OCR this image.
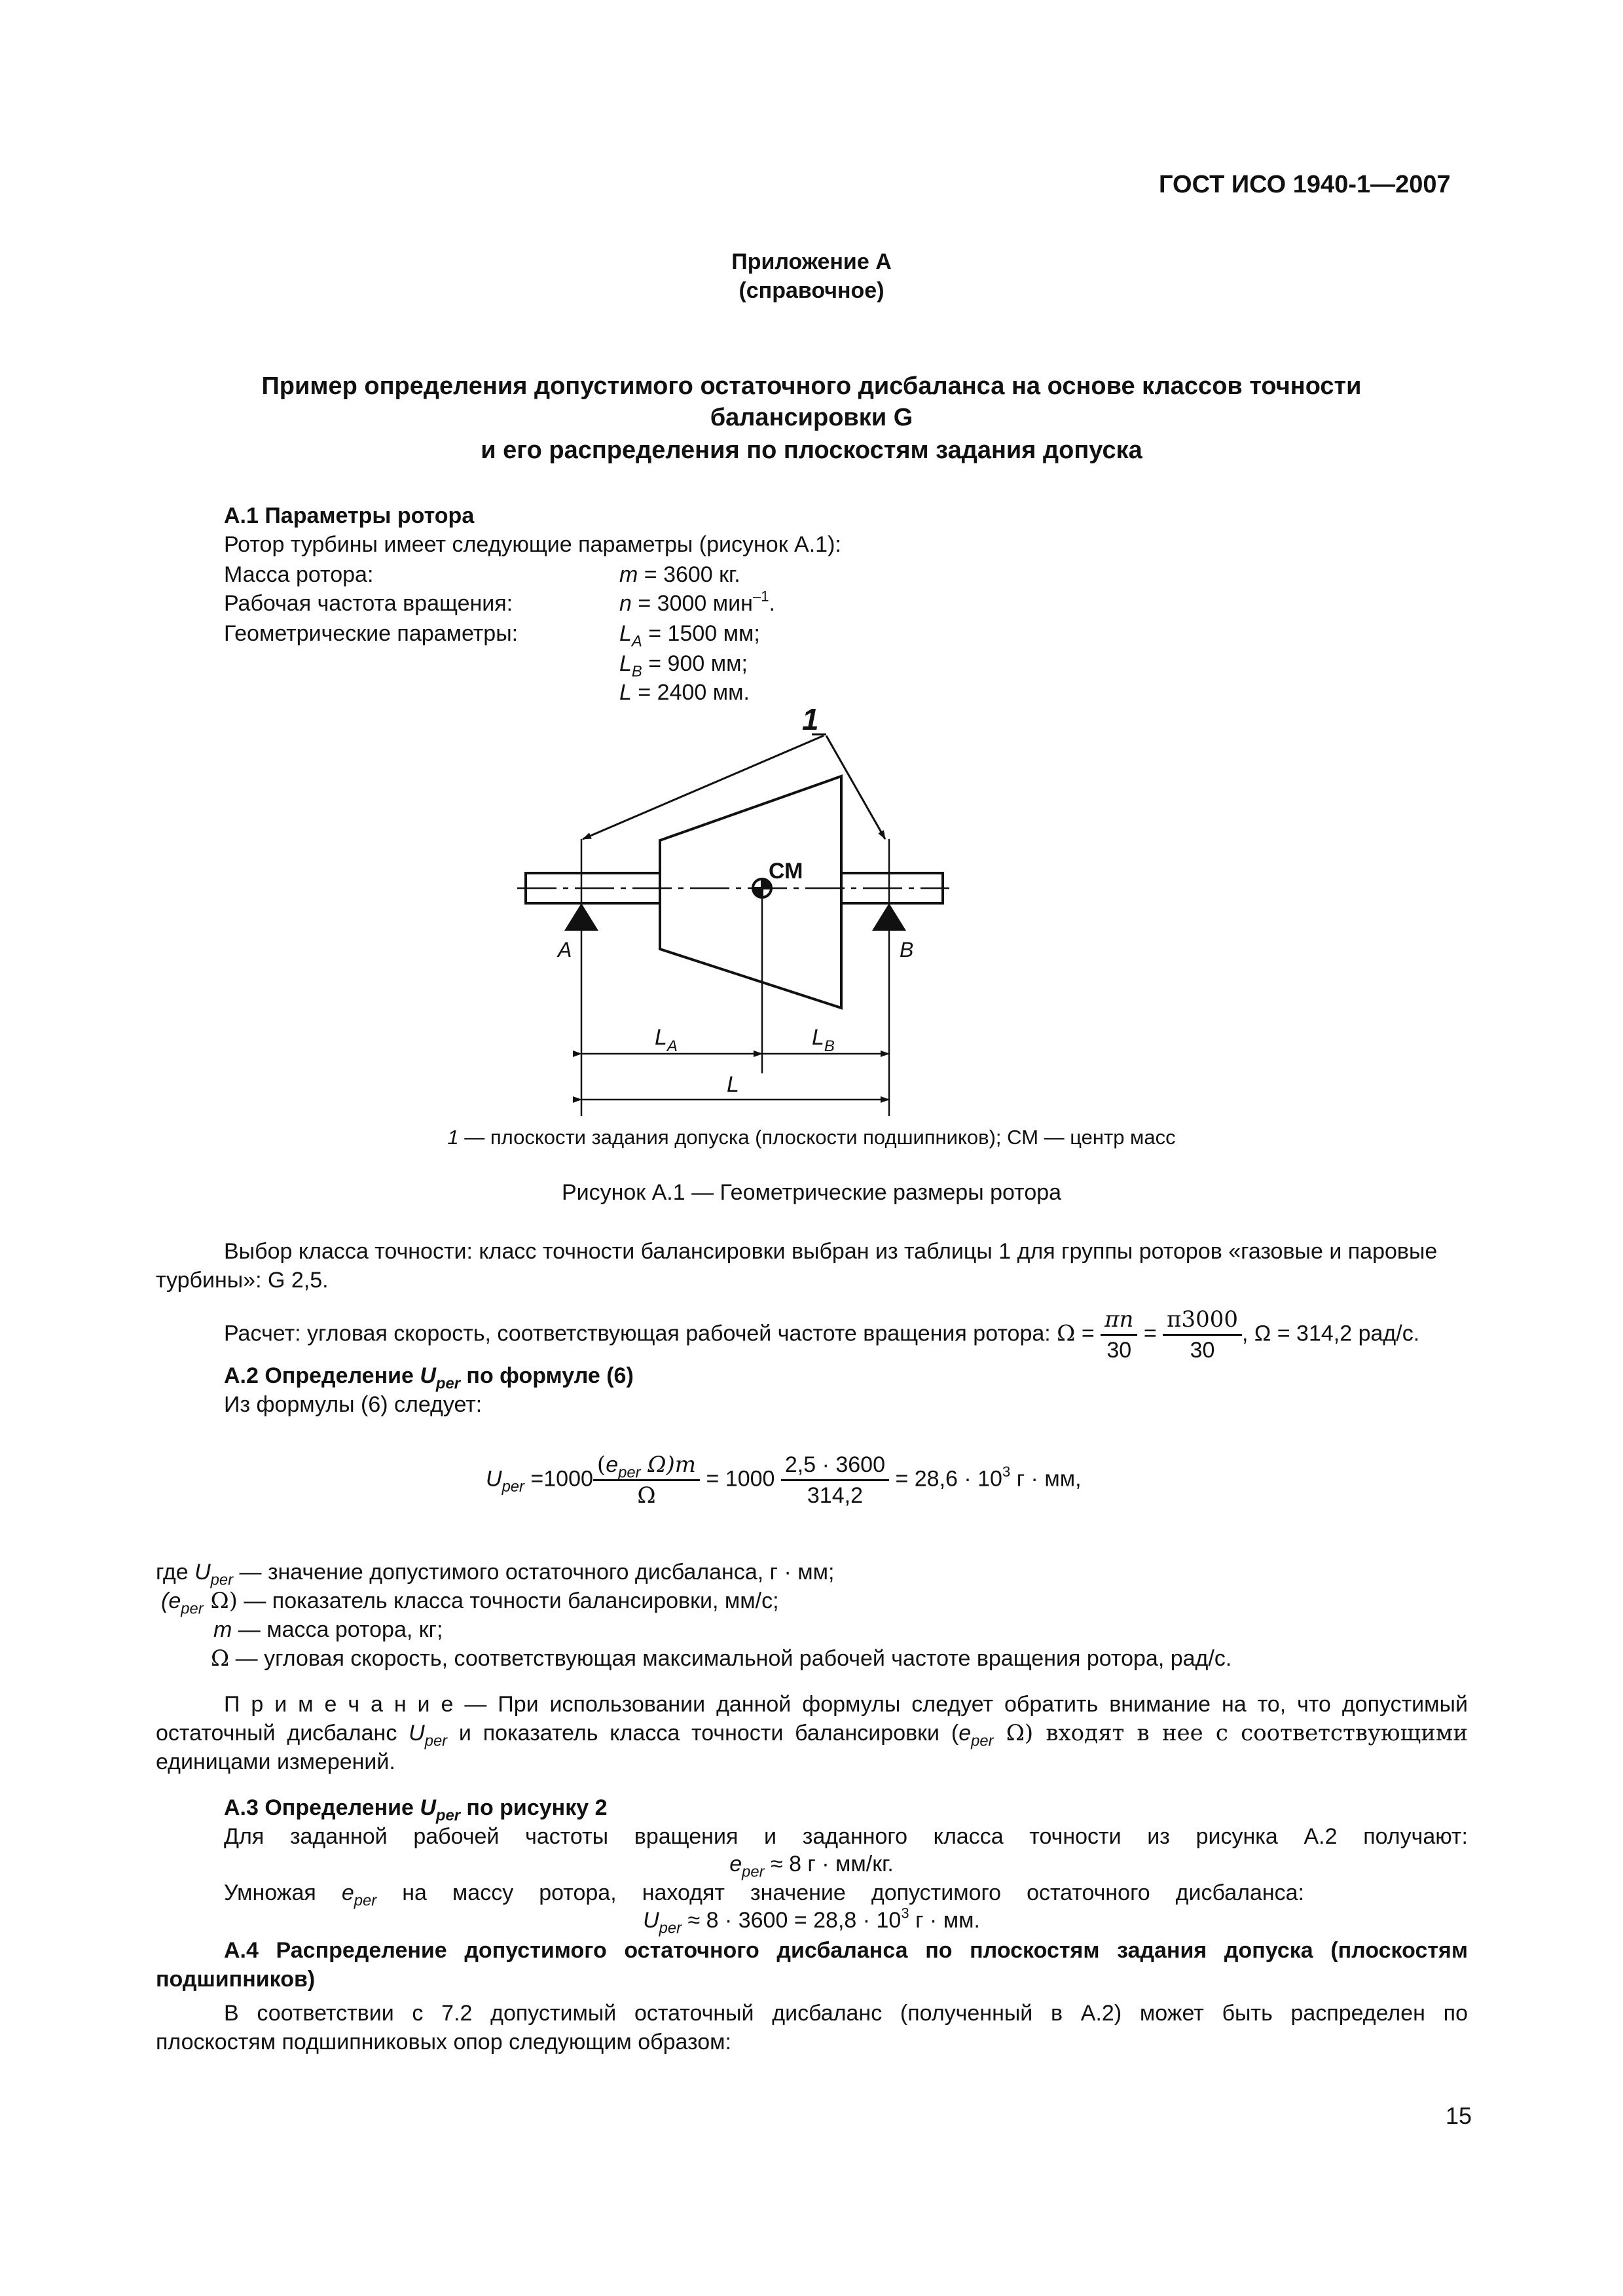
ГОСТ ИСО 1940-1—2007
Приложение А
(справочное)
Пример определения допустимого остаточного дисбаланса на основе классов точности
балансировки G
и его распределения по плоскостям задания допуска
А.1 Параметры ротора
Ротор турбины имеет следующие параметры (рисунок А.1):
Масса ротора:	m = 3600 кг.
Рабочая частота вращения:	n = 3000 мин$^{-1}$.
Геометрические параметры:	$L_A = 1500$ мм;
$L_B = 900$ мм;
L = 2400 мм.
1
СМ
A	B
$L_A$	$L_B$
L
1 — плоскости задания допуска (плоскости подшипников); СМ — центр масс
Рисунок А.1 — Геометрические размеры ротора
Выбор класса точности: класс точности балансировки выбран из таблицы 1 для группы роторов «газовые и паровые турбины»: G 2,5.
Расчет: угловая скорость, соответствующая рабочей частоте вращения ротора: $\Omega = \frac{\pi n}{30} = \frac{\pi 3000}{30}$ , Ω = 314,2 рад/с.
А.2 Определение $U_{per}$ по формуле (6)
Из формулы (6) следует:
$U_{per} =1000 \frac{(e_{per} \Omega)m}{\Omega} = 1000 \frac{2,5 \cdot 3600}{314,2} = 28,6 \cdot 10^3$ г · мм,
где $U_{per}$ — значение допустимого остаточного дисбаланса, г · мм;
($e_{per}$ Ω) — показатель класса точности балансировки, мм/с;
m — масса ротора, кг;
Ω — угловая скорость, соответствующая максимальной рабочей частоте вращения ротора, рад/с.
П р и м е ч а н и е — При использовании данной формулы следует обратить внимание на то, что допустимый
остаточный дисбаланс $U_{per}$ и показатель класса точности балансировки ($e_{per}$ Ω) входят в нее с соответствующими
единицами измерений.
А.3 Определение $U_{per}$ по рисунку 2
Для заданной рабочей частоты вращения и заданного класса точности из рисунка А.2 получают:
$e_{per} \approx 8$ г · мм/кг.
Умножая $e_{per}$ на массу ротора, находят значение допустимого остаточного дисбаланса:
$U_{per} \approx 8 \cdot 3600 = 28,8 \cdot 10^3$ г · мм.
А.4 Распределение допустимого остаточного дисбаланса по плоскостям задания допуска (плоскостям
подшипников)
В соответствии с 7.2 допустимый остаточный дисбаланс (полученный в А.2) может быть распределен по
плоскостям подшипниковых опор следующим образом:
15
